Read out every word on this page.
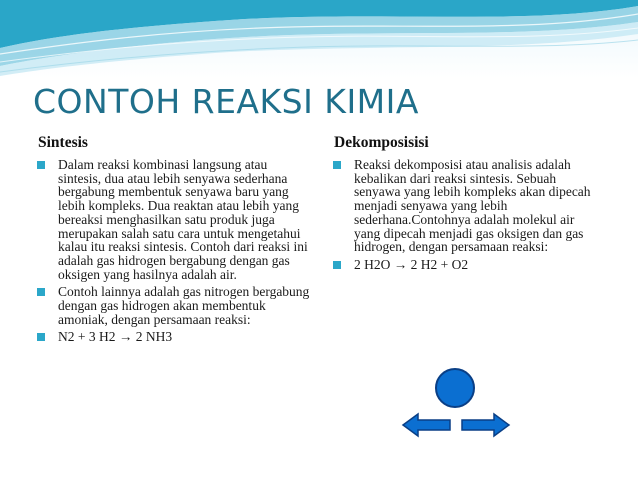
CONTOH REAKSI KIMIA
Sintesis	Dekomposisisi
Dalam reaksi kombinasi langsung atau sintesis, dua atau lebih senyawa sederhana bergabung membentuk senyawa baru yang lebih kompleks. Dua reaktan atau lebih yang bereaksi menghasilkan satu produk juga merupakan salah satu cara untuk mengetahui kalau itu reaksi sintesis. Contoh dari reaksi ini adalah gas hidrogen bergabung dengan gas oksigen yang hasilnya adalah air.
Contoh lainnya adalah gas nitrogen bergabung dengan gas hidrogen akan membentuk amoniak, dengan persamaan reaksi:
N2 + 3 H2 → 2 NH3
Reaksi dekomposisi atau analisis adalah kebalikan dari reaksi sintesis. Sebuah senyawa yang lebih kompleks akan dipecah menjadi senyawa yang lebih sederhana.Contohnya adalah molekul air yang dipecah menjadi gas oksigen dan gas hidrogen, dengan persamaan reaksi:
2 H2O → 2 H2 + O2
